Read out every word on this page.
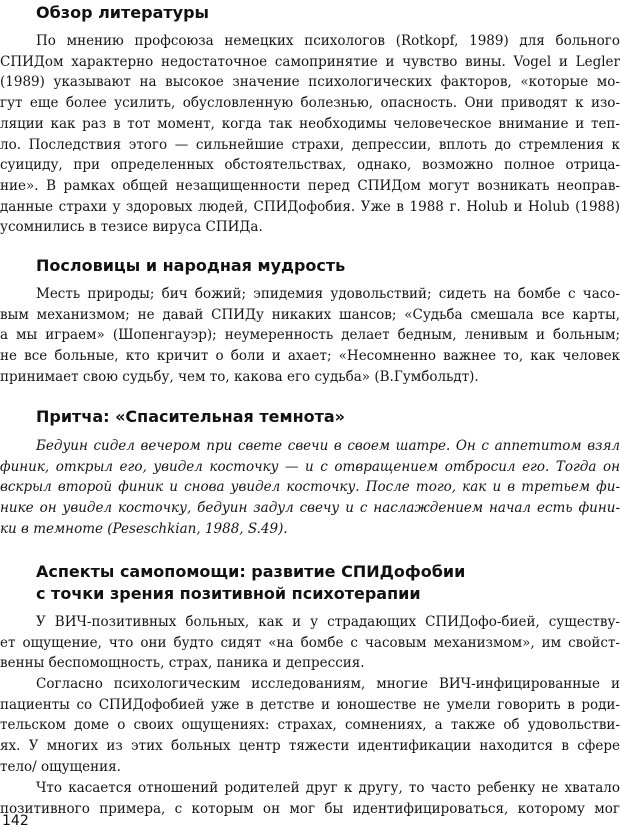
Обзор литературы
По мнению профсоюза немецких психологов (Rotkopf, 1989) для больного
СПИДом характерно недостаточное самопринятие и чувство вины. Vogel и Legler
(1989) указывают на высокое значение психологических факторов, «которые мо-
гут еще более усилить, обусловленную болезнью, опасность. Они приводят к изо-
ляции как раз в тот момент, когда так необходимы человеческое внимание и теп-
ло. Последствия этого — сильнейшие страхи, депрессии, вплоть до стремления к
суициду, при определенных обстоятельствах, однако, возможно полное отрица-
ние». В рамках общей незащищенности перед СПИДом могут возникать неоправ-
данные страхи у здоровых людей, СПИДофобия. Уже в 1988 г. Holub и Holub (1988)
усомнились в тезисе вируса СПИДа.
Пословицы и народная мудрость
Месть природы; бич божий; эпидемия удовольствий; сидеть на бомбе с часо-
вым механизмом; не давай СПИДу никаких шансов; «Судьба смешала все карты,
а мы играем» (Шопенгауэр); неумеренность делает бедным, ленивым и больным;
не все больные, кто кричит о боли и ахает; «Несомненно важнее то, как человек
принимает свою судьбу, чем то, какова его судьба» (В.Гумбольдт).
Притча: «Спасительная темнота»
Бедуин сидел вечером при свете свечи в своем шатре. Он с аппетитом взял
финик, открыл его, увидел косточку — и с отвращением отбросил его. Тогда он
вскрыл второй финик и снова увидел косточку. После того, как и в третьем фи-
нике он увидел косточку, бедуин задул свечу и с наслаждением начал есть фини-
ки в темноте (Peseschkian, 1988, S.49).
Аспекты самопомощи: развитие СПИДофобии
с точки зрения позитивной психотерапии
У ВИЧ-позитивных больных, как и у страдающих СПИДофо-бией, существу-
ет ощущение, что они будто сидят «на бомбе с часовым механизмом», им свойст-
венны беспомощность, страх, паника и депрессия.
Согласно психологическим исследованиям, многие ВИЧ-инфицированные и
пациенты со СПИДофобией уже в детстве и юношестве не умели говорить в роди-
тельском доме о своих ощущениях: страхах, сомнениях, а также об удовольстви-
ях. У многих из этих больных центр тяжести идентификации находится в сфере
тело/ ощущения.
Что касается отношений родителей друг к другу, то часто ребенку не хватало
позитивного примера, с которым он мог бы идентифицироваться, которому мог
142
